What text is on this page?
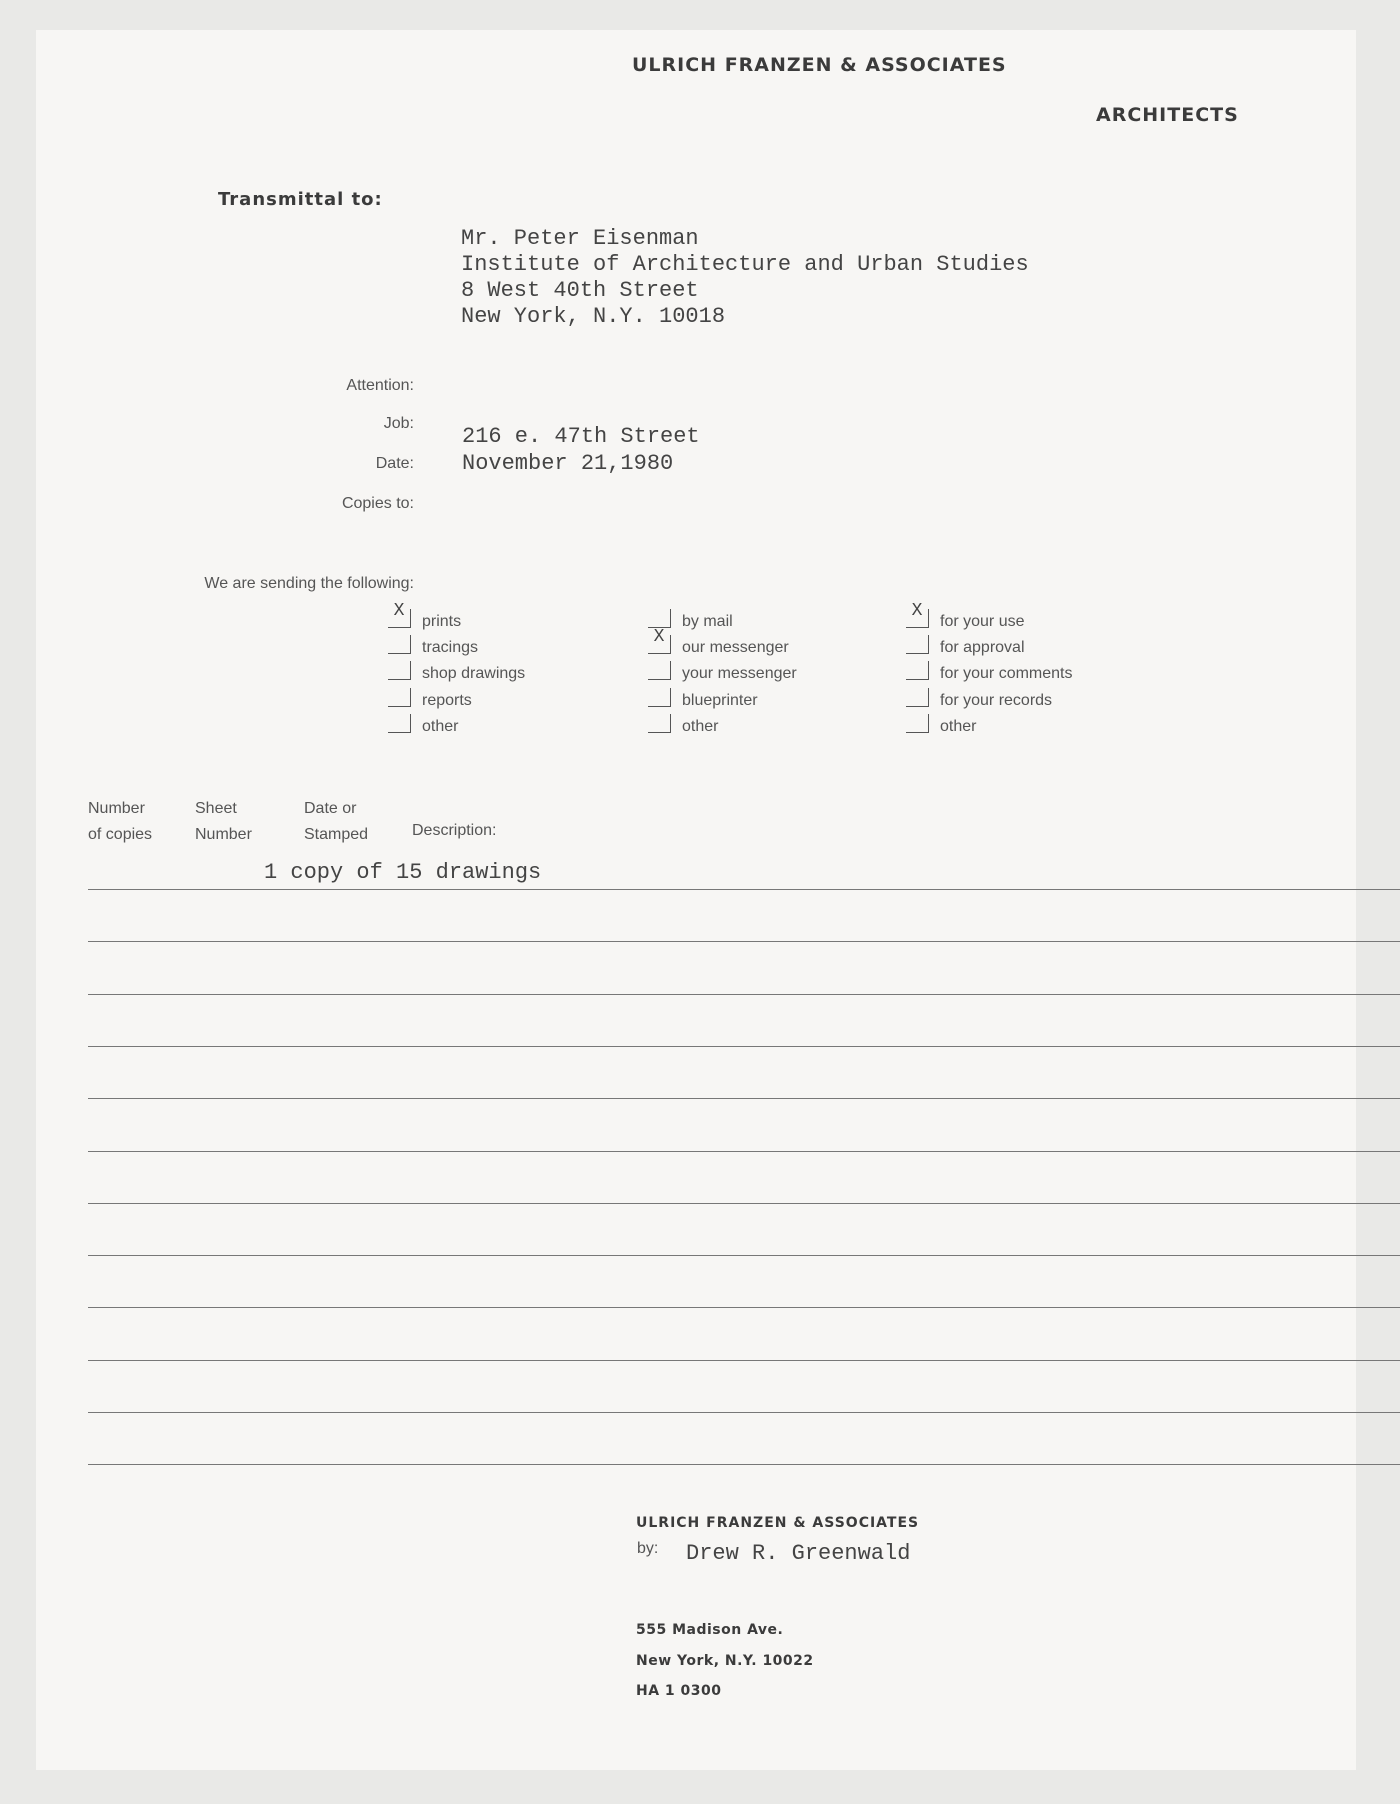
ULRICH FRANZEN & ASSOCIATES
ARCHITECTS
Transmittal to:
Mr. Peter Eisenman
Institute of Architecture and Urban Studies
8 West 40th Street
New York, N.Y. 10018
Attention:
Job:
216 e. 47th Street
Date: November 21,1980
Copies to:
We are sending the following:
X
prints
tracings
shop drawings
reports
other
by mail
X
our messenger
your messenger
blueprinter
other
X
for your use
for approval
for your comments
for your records
other
Number
of copies
Sheet
Number
Date or
Stamped	Description:
1 copy of 15 drawings
ULRICH FRANZEN & ASSOCIATES
by: Drew R. Greenwald
555 Madison Ave.
New York, N.Y. 10022
HA 1 0300
